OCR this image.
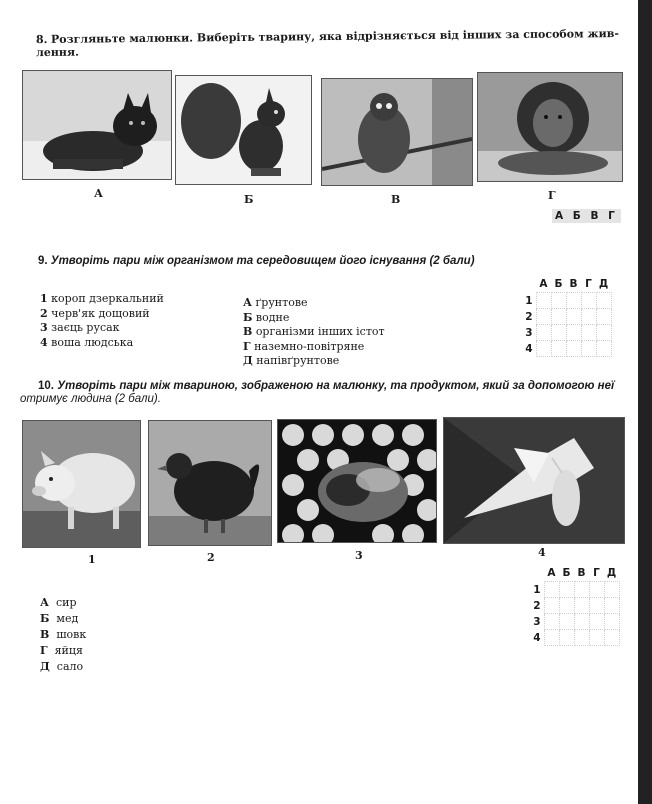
8. Розгляньте малюнки. Виберіть тварину, яка відрізняється від інших за способом жив-
лення.
А	Б	В	Г
А Б В Г
9. Утворіть пари між організмом та середовищем його існування (2 бали)
1 короп дзеркальний
2 черв'як дощовий
3 заєць русак
4 воша людська
А ґрунтове
Б водне
В організми інших істот
Г наземно-повітряне
Д напівґрунтове
	А	Б	В	Г	Д
1					
2					
3					
4					
10. Утворіть пари між твариною, зображеною на малюнку, та продуктом, який за допомогою неї
отримує людина (2 бали).
1	2	3	4
А сир
Б мед
В шовк
Г яйця
Д сало
	А	Б	В	Г	Д
1					
2					
3					
4					
